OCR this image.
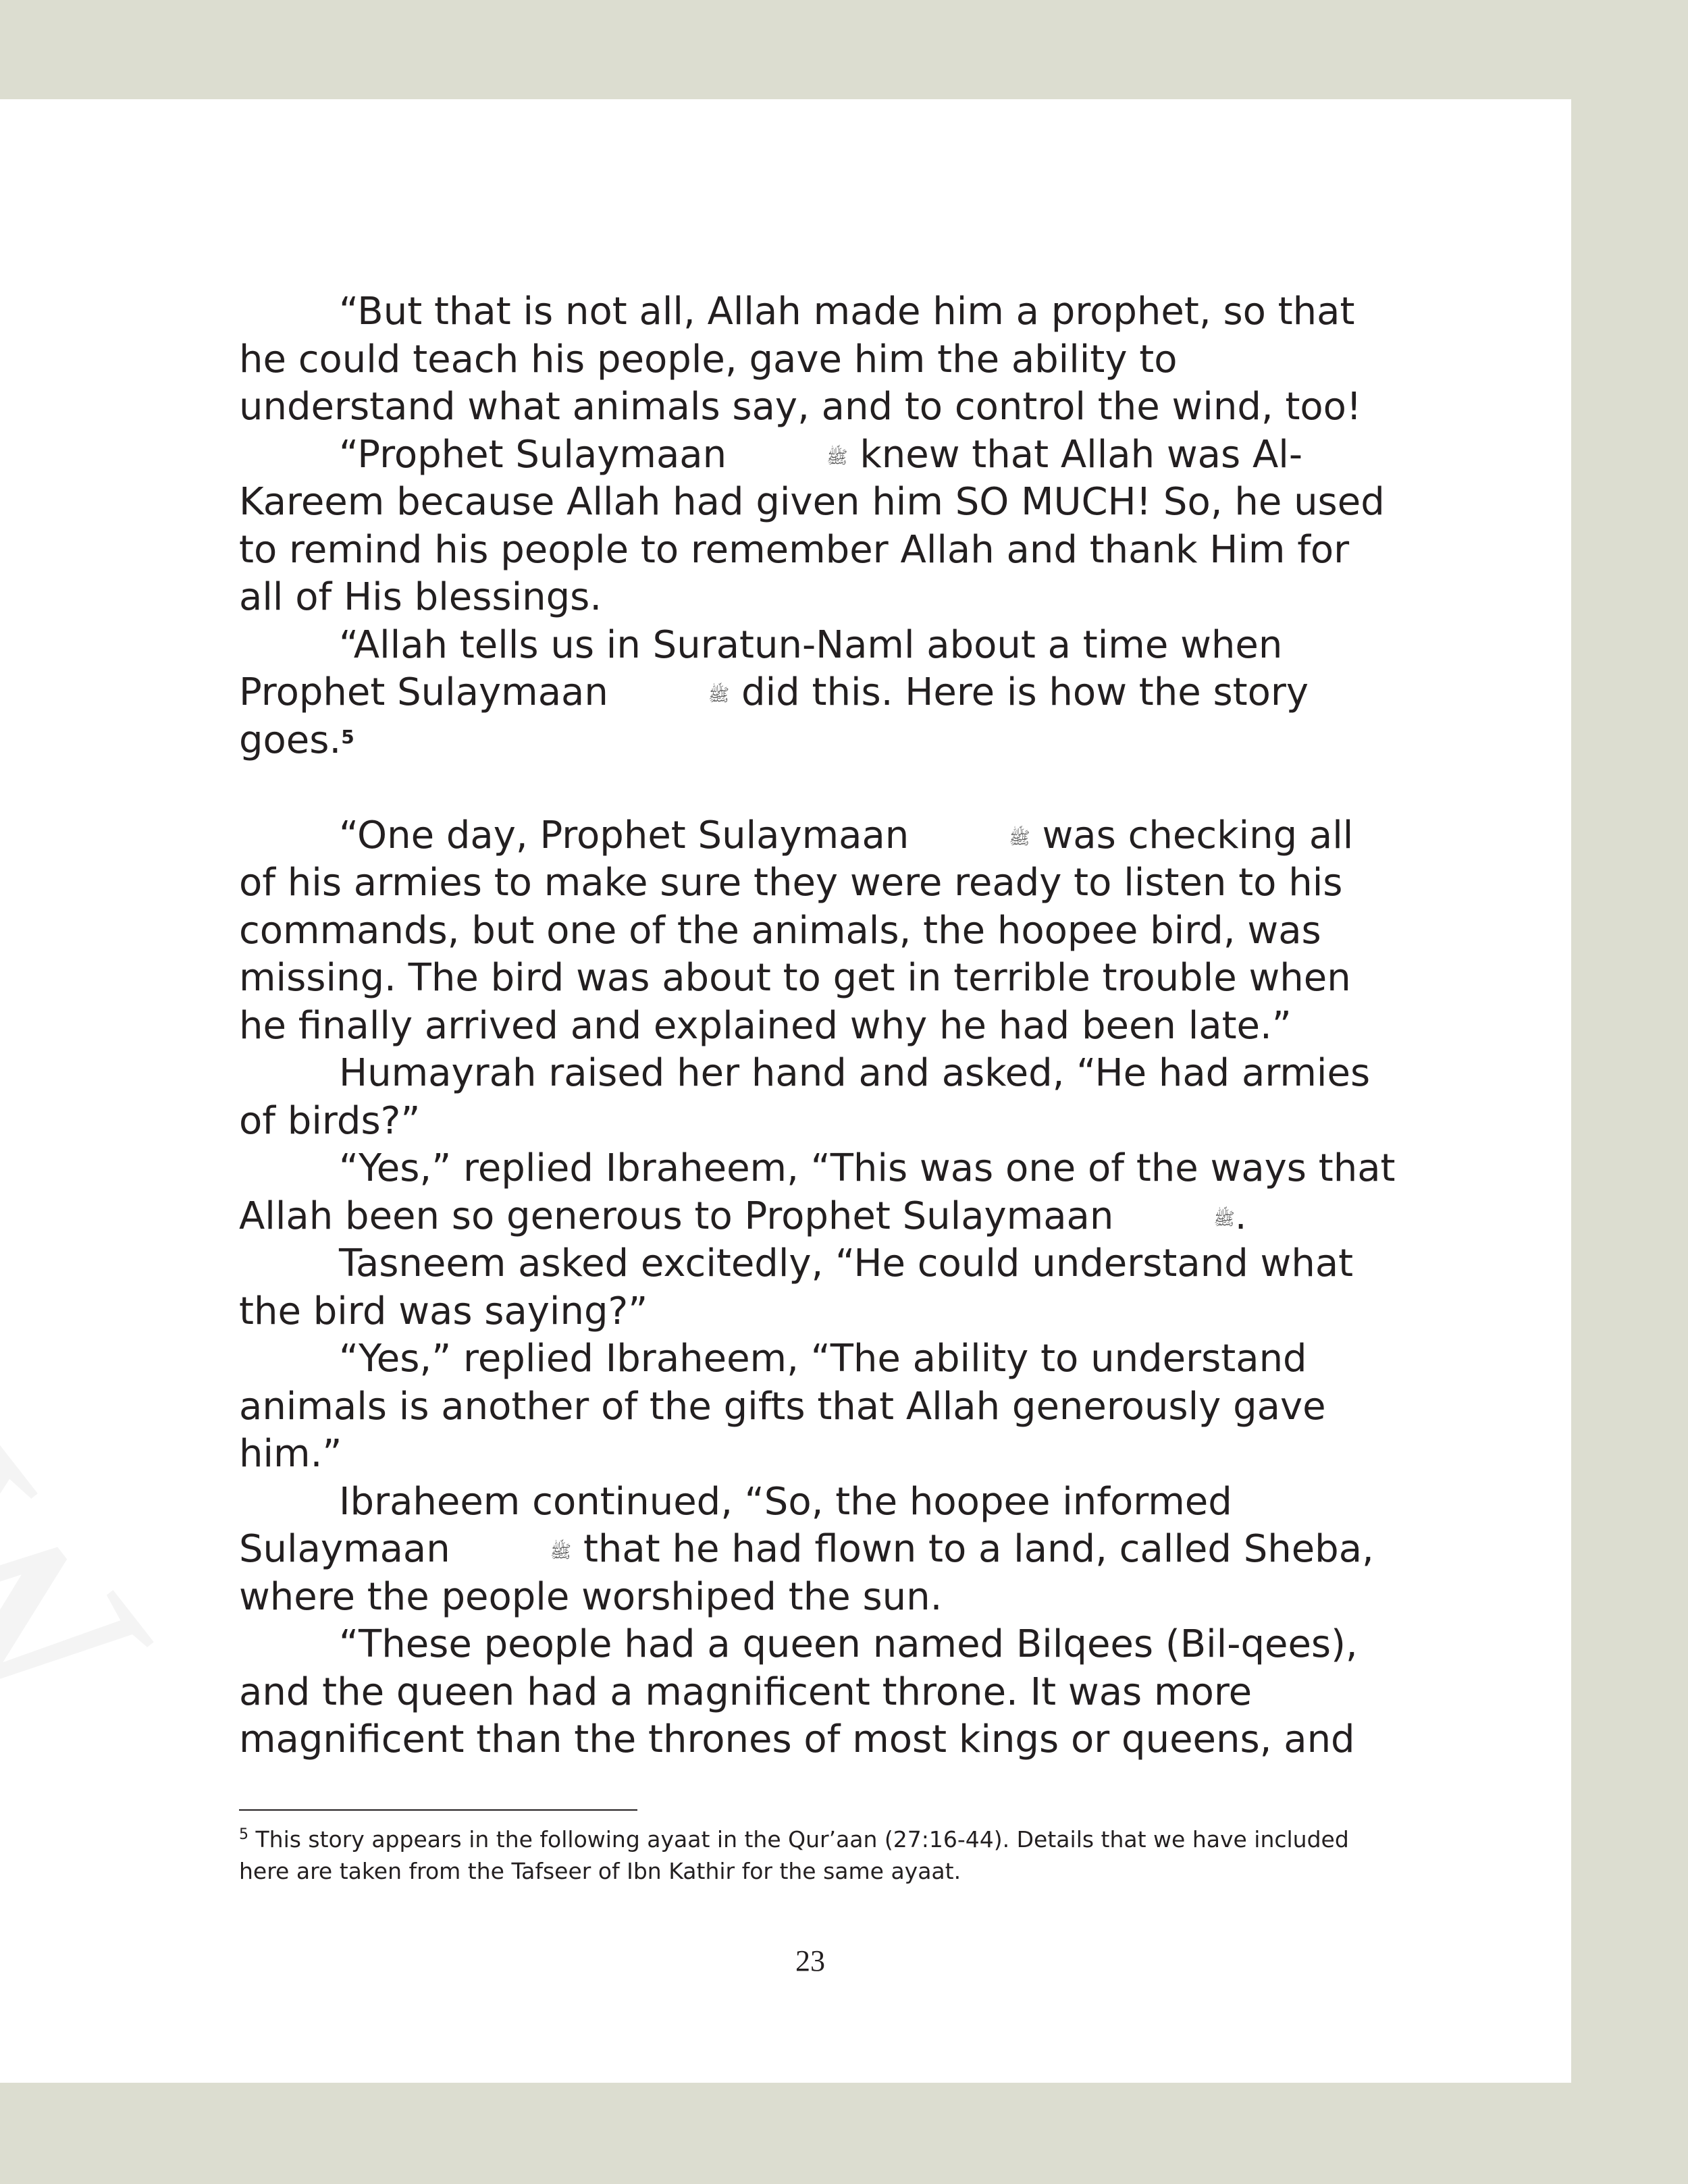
“But that is not all, Allah made him a prophet, so that he could teach his people, gave him the ability to understand what animals say, and to control the wind, too!

“Prophet Sulaymaan	ﷺ knew that Allah was Al-Kareem because Allah had given him SO MUCH! So, he used to remind his people to remember Allah and thank Him for all of His blessings.

“Allah tells us in Suratun-Naml about a time when Prophet Sulaymaan	ﷺ did this. Here is how the story goes.$^5$

“One day, Prophet Sulaymaan	ﷺ was checking all of his armies to make sure they were ready to listen to his commands, but one of the animals, the hoopee bird, was missing. The bird was about to get in terrible trouble when he finally arrived and explained why he had been late.”

Humayrah raised her hand and asked, “He had armies of birds?”

“Yes,” replied Ibraheem, “This was one of the ways that Allah been so generous to Prophet Sulaymaan	ﷺ.

Tasneem asked excitedly, “He could understand what the bird was saying?”

“Yes,” replied Ibraheem, “The ability to understand animals is another of the gifts that Allah generously gave him.”

Ibraheem continued, “So, the hoopee informed Sulaymaan	ﷺ that he had flown to a land, called Sheba, where the people worshiped the sun.

“These people had a queen named Bilqees (Bil-qees), and the queen had a magnificent throne. It was more magnificent than the thrones of most kings or queens, and

$^5$ This story appears in the following ayaat in the Qur’aan (27:16-44). Details that we have included here are taken from the Tafseer of Ibn Kathir for the same ayaat.
23
